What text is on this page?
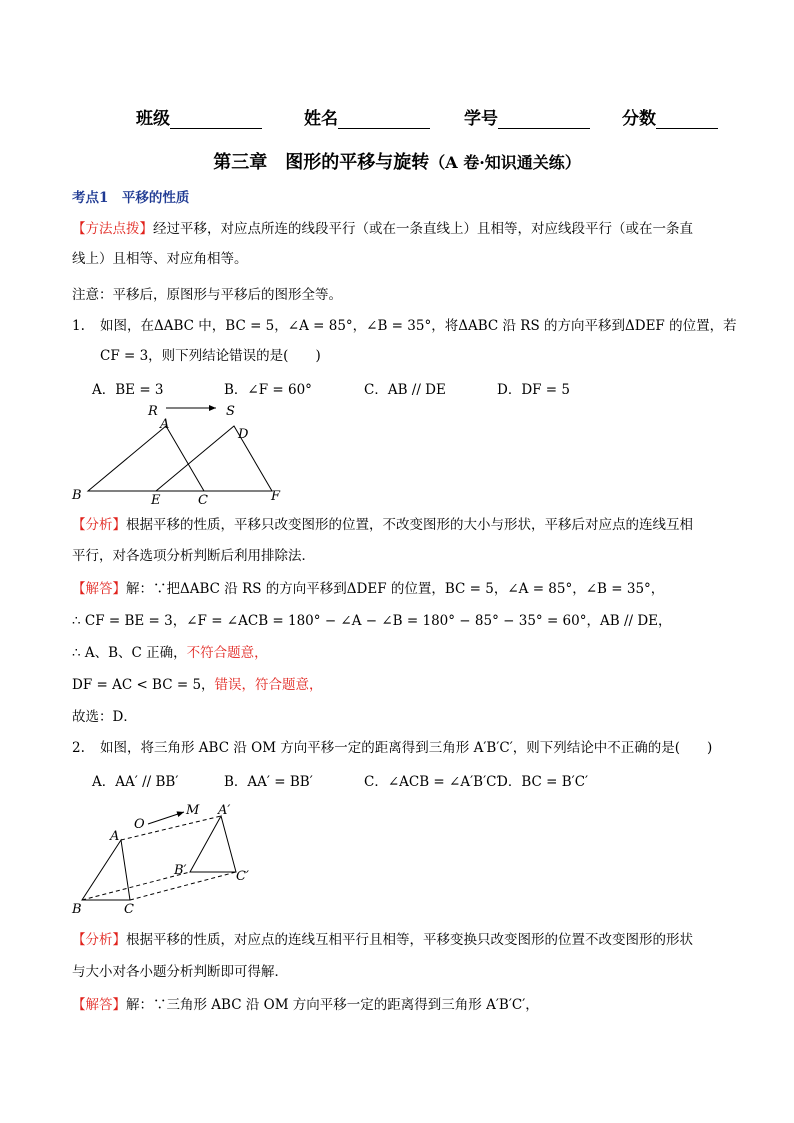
班级	姓名	学号	分数
第三章　图形的平移与旋转（A 卷·知识通关练）
考点1　平移的性质
【方法点拨】经过平移，对应点所连的线段平行（或在一条直线上）且相等，对应线段平行（或在一条直
线上）且相等、对应角相等。
注意：平移后，原图形与平移后的图形全等。
1. 如图，在ΔABC 中，BC = 5，∠A = 85°，∠B = 35°，将ΔABC 沿 RS 的方向平移到ΔDEF 的位置，若
CF = 3，则下列结论错误的是(　　)
A．BE = 3	B．∠F = 60°	C．AB // DE	D．DF = 5
R	S
A
D
B	E	C	F
【分析】根据平移的性质，平移只改变图形的位置，不改变图形的大小与形状，平移后对应点的连线互相
平行，对各选项分析判断后利用排除法．
【解答】解：∵把ΔABC 沿 RS 的方向平移到ΔDEF 的位置，BC = 5，∠A = 85°，∠B = 35°，
∴ CF = BE = 3，∠F = ∠ACB = 180° − ∠A − ∠B = 180° − 85° − 35° = 60°，AB // DE，
∴ A、B、C 正确，不符合题意，
DF = AC < BC = 5，错误，符合题意，
故选：D．
2. 如图，将三角形 ABC 沿 OM 方向平移一定的距离得到三角形 A′B′C′，则下列结论中不正确的是(　　)
A．AA′ // BB′	B．AA′ = BB′	C．∠ACB = ∠A′B′C′
D．BC = B′C′
O
M
A
A′
B′	C′
B	C
【分析】根据平移的性质，对应点的连线互相平行且相等，平移变换只改变图形的位置不改变图形的形状
与大小对各小题分析判断即可得解．
【解答】解：∵三角形 ABC 沿 OM 方向平移一定的距离得到三角形 A′B′C′，
